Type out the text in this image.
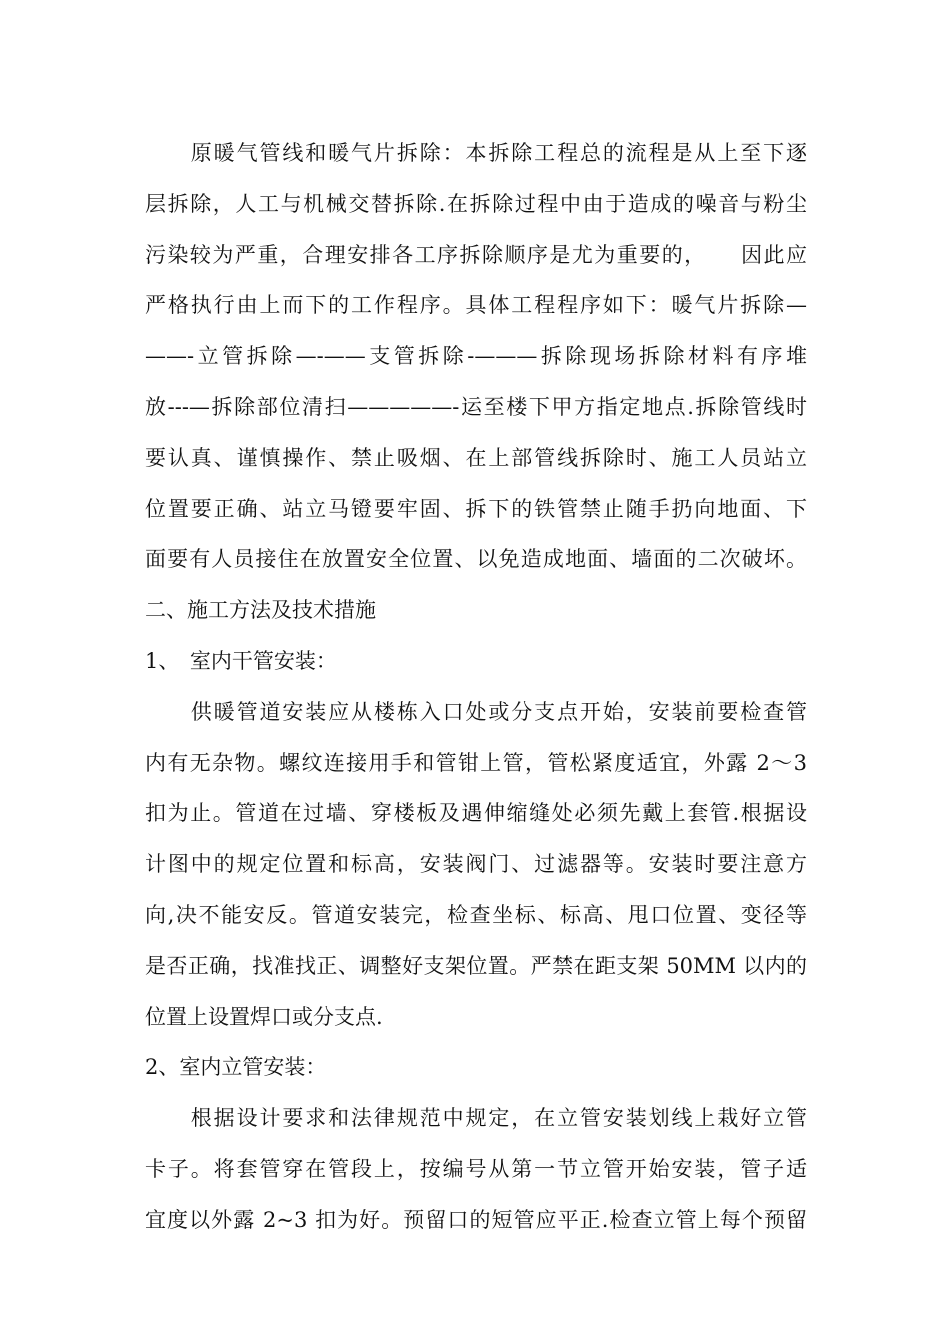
　　原暖气管线和暖气片拆除：本拆除工程总的流程是从上至下逐
层拆除，人工与机械交替拆除.在拆除过程中由于造成的噪音与粉尘
污染较为严重，合理安排各工序拆除顺序是尤为重要的，　　因此应
严格执行由上而下的工作程序。具体工程程序如下：暖气片拆除—
——-立管拆除—-——支管拆除-———拆除现场拆除材料有序堆
放---—拆除部位清扫—————-运至楼下甲方指定地点.拆除管线时
要认真、谨慎操作、禁止吸烟、在上部管线拆除时、施工人员站立
位置要正确、站立马镫要牢固、拆下的铁管禁止随手扔向地面、下
面要有人员接住在放置安全位置、以免造成地面、墙面的二次破坏。
二、施工方法及技术措施
1、　室内干管安装：
　　供暖管道安装应从楼栋入口处或分支点开始，安装前要检查管
内有无杂物。螺纹连接用手和管钳上管，管松紧度适宜，外露 2～3
扣为止。管道在过墙、穿楼板及遇伸缩缝处必须先戴上套管.根据设
计图中的规定位置和标高，安装阀门、过滤器等。安装时要注意方
向,决不能安反。管道安装完，检查坐标、标高、甩口位置、变径等
是否正确，找准找正、调整好支架位置。严禁在距支架 50MM 以内的
位置上设置焊口或分支点.
2、室内立管安装：
　　根据设计要求和法律规范中规定，在立管安装划线上栽好立管
卡子。将套管穿在管段上，按编号从第一节立管开始安装，管子适
宜度以外露 2~3 扣为好。预留口的短管应平正.检查立管上每个预留
